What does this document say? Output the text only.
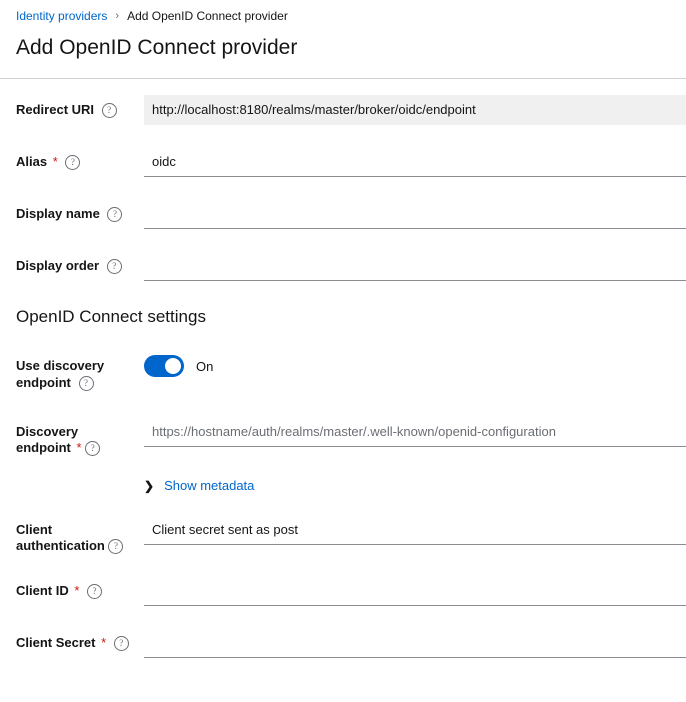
Identity providers › Add OpenID Connect provider
Add OpenID Connect provider
Redirect URI ?
http://localhost:8180/realms/master/broker/oidc/endpoint
Alias * ?
oidc
Display name ?
Display order ?
OpenID Connect settings
Use discovery
endpoint ?
On
Discovery endpoint * ?
https://hostname/auth/realms/master/.well-known/openid-configuration
❯ Show metadata
Client authentication ?
Client secret sent as post
Client ID * ?
Client Secret * ?
